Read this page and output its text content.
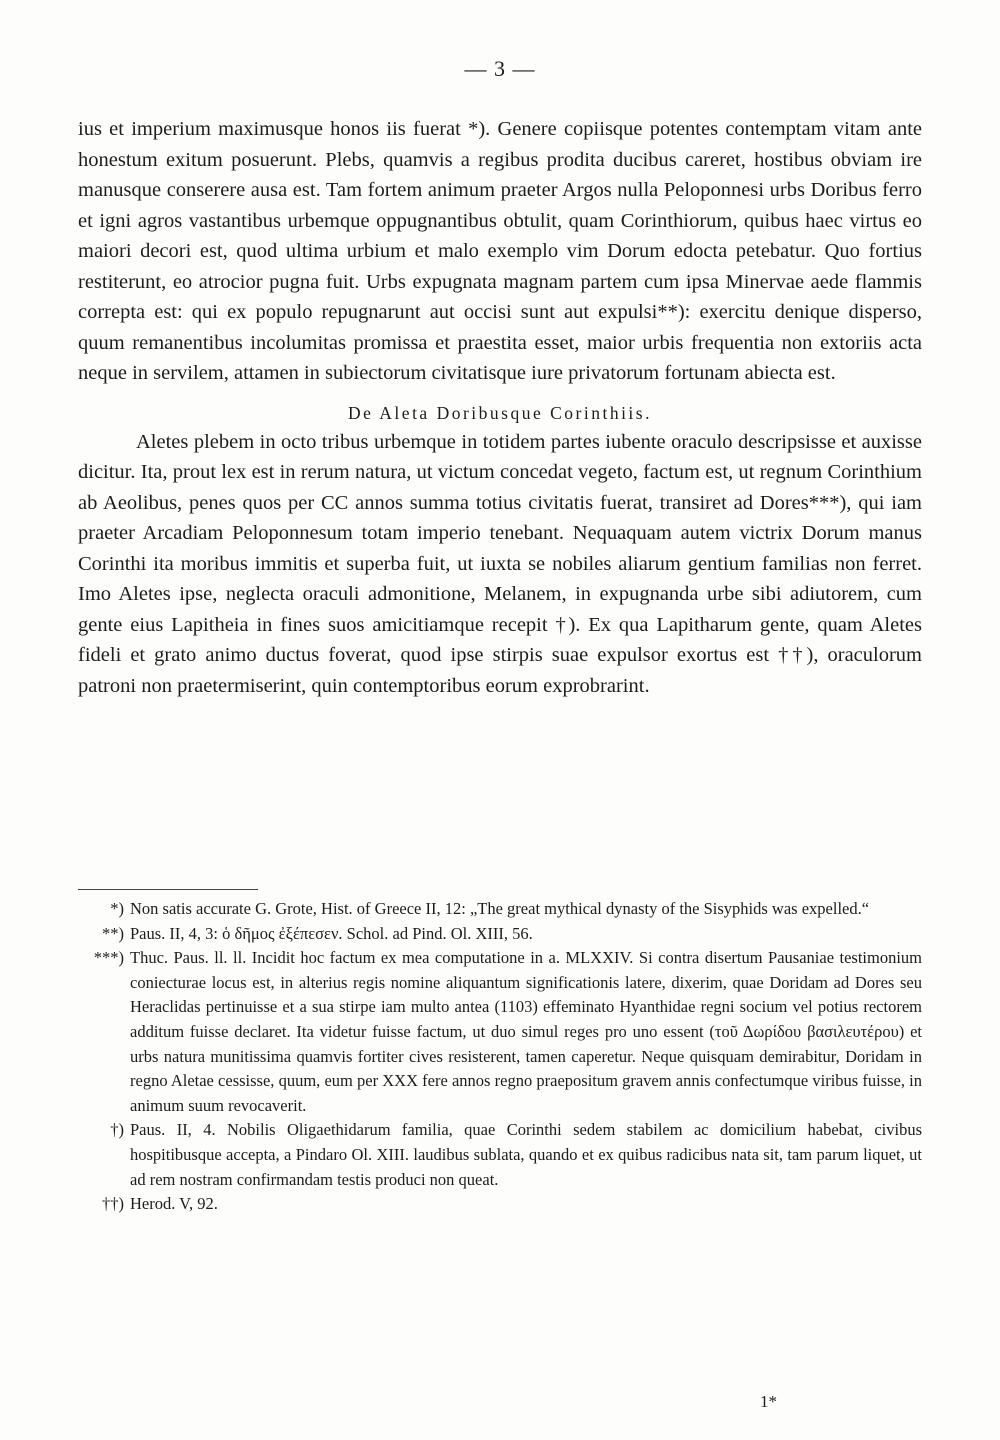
— 3 —

ius et imperium maximusque honos iis fuerat *). Genere copiisque potentes contemptam vitam ante honestum exitum posuerunt. Plebs, quamvis a regibus prodita ducibus careret, hostibus obviam ire manusque conserere ausa est. Tam fortem animum praeter Argos nulla Peloponnesi urbs Doribus ferro et igni agros vastantibus urbemque oppugnantibus obtulit, quam Corinthiorum, quibus haec virtus eo maiori decori est, quod ultima urbium et malo exemplo vim Dorum edocta petebatur. Quo fortius restiterunt, eo atrocior pugna fuit. Urbs expugnata magnam partem cum ipsa Minervae aede flammis correpta est: qui ex populo repugnarunt aut occisi sunt aut expulsi**): exercitu denique disperso, quum remanentibus incolumitas promissa et praestita esset, maior urbis frequentia non extoriis acta neque in servilem, attamen in subiectorum civitatisque iure privatorum fortunam abiecta est.

De Aleta Doribusque Corinthiis.

Aletes plebem in octo tribus urbemque in totidem partes iubente oraculo descripsisse et auxisse dicitur. Ita, prout lex est in rerum natura, ut victum concedat vegeto, factum est, ut regnum Corinthium ab Aeolibus, penes quos per CC annos summa totius civitatis fuerat, transiret ad Dores***), qui iam praeter Arcadiam Peloponnesum totam imperio tenebant. Nequaquam autem victrix Dorum manus Corinthi ita moribus immitis et superba fuit, ut iuxta se nobiles aliarum gentium familias non ferret. Imo Aletes ipse, neglecta oraculi admonitione, Melanem, in expugnanda urbe sibi adiutorem, cum gente eius Lapitheia in fines suos amicitiamque recepit †). Ex qua Lapitharum gente, quam Aletes fideli et grato animo ductus foverat, quod ipse stirpis suae expulsor exortus est ††), oraculorum patroni non praetermiserint, quin contemptoribus eorum exprobrarint.

*) Non satis accurate G. Grote, Hist. of Greece II, 12: „The great mythical dynasty of the Sisyphids was expelled.“
**) Paus. II, 4, 3: ὁ δῆμος ἐξέπεσεν. Schol. ad Pind. Ol. XIII, 56.
***) Thuc. Paus. ll. ll. Incidit hoc factum ex mea computatione in a. MLXXIV. Si contra disertum Pausaniae testimonium coniecturae locus est, in alterius regis nomine aliquantum significationis latere, dixerim, quae Doridam ad Dores seu Heraclidas pertinuisse et a sua stirpe iam multo antea (1103) effeminato Hyanthidae regni socium vel potius rectorem additum fuisse declaret. Ita videtur fuisse factum, ut duo simul reges pro uno essent (τοῦ Δωρίδου βασιλευτέρου) et urbs natura munitissima quamvis fortiter cives resisterent, tamen caperetur. Neque quisquam demirabitur, Doridam in regno Aletae cessisse, quum, eum per XXX fere annos regno praepositum gravem annis confectumque viribus fuisse, in animum suum revocaverit.
†) Paus. II, 4. Nobilis Oligaethidarum familia, quae Corinthi sedem stabilem ac domicilium habebat, civibus hospitibusque accepta, a Pindaro Ol. XIII. laudibus sublata, quando et ex quibus radicibus nata sit, tam parum liquet, ut ad rem nostram confirmandam testis produci non queat.
††) Herod. V, 92.
1*
